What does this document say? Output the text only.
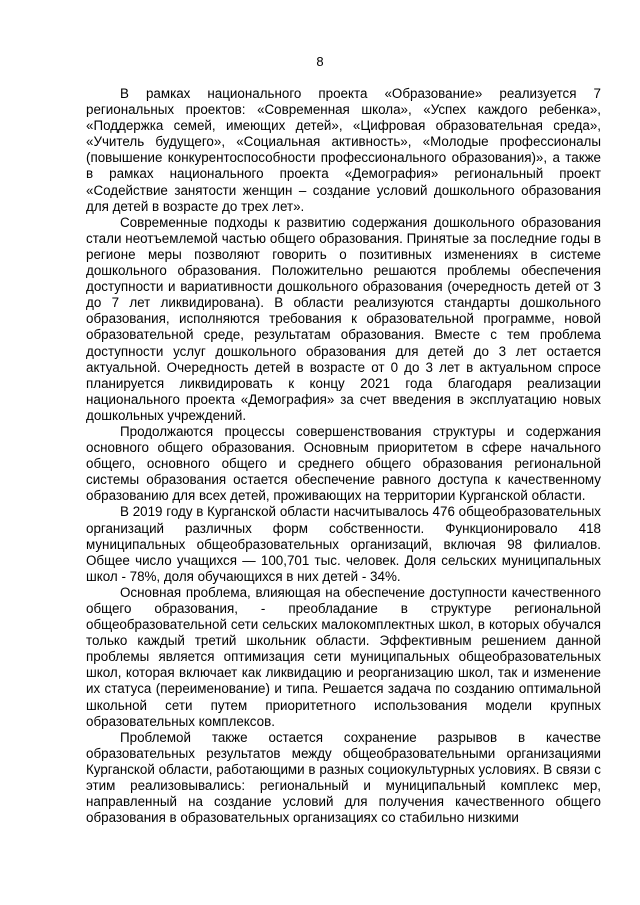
8

В рамках национального проекта «Образование» реализуется 7 региональных проектов: «Современная школа», «Успех каждого ребенка», «Поддержка семей, имеющих детей», «Цифровая образовательная среда», «Учитель будущего», «Социальная активность», «Молодые профессионалы (повышение конкурентоспособности профессионального образования)», а также в рамках национального проекта «Демография» региональный проект «Содействие занятости женщин – создание условий дошкольного образования для детей в возрасте до трех лет».

Современные подходы к развитию содержания дошкольного образования стали неотъемлемой частью общего образования. Принятые за последние годы в регионе меры позволяют говорить о позитивных изменениях в системе дошкольного образования. Положительно решаются проблемы обеспечения доступности и вариативности дошкольного образования (очередность детей от 3 до 7 лет ликвидирована). В области реализуются стандарты дошкольного образования, исполняются требования к образовательной программе, новой образовательной среде, результатам образования. Вместе с тем проблема доступности услуг дошкольного образования для детей до 3 лет остается актуальной. Очередность детей в возрасте от 0 до 3 лет в актуальном спросе планируется ликвидировать к концу 2021 года благодаря реализации национального проекта «Демография» за счет введения в эксплуатацию новых дошкольных учреждений.

Продолжаются процессы совершенствования структуры и содержания основного общего образования. Основным приоритетом в сфере начального общего, основного общего и среднего общего образования региональной системы образования остается обеспечение равного доступа к качественному образованию для всех детей, проживающих на территории Курганской области.

В 2019 году в Курганской области насчитывалось 476 общеобразовательных организаций различных форм собственности. Функционировало 418 муниципальных общеобразовательных организаций, включая 98 филиалов. Общее число учащихся — 100,701 тыс. человек. Доля сельских муниципальных школ - 78%, доля обучающихся в них детей - 34%.

Основная проблема, влияющая на обеспечение доступности качественного общего образования, - преобладание в структуре региональной общеобразовательной сети сельских малокомплектных школ, в которых обучался только каждый третий школьник области. Эффективным решением данной проблемы является оптимизация сети муниципальных общеобразовательных школ, которая включает как ликвидацию и реорганизацию школ, так и изменение их статуса (переименование) и типа. Решается задача по созданию оптимальной школьной сети путем приоритетного использования модели крупных образовательных комплексов.

Проблемой также остается сохранение разрывов в качестве образовательных результатов между общеобразовательными организациями Курганской области, работающими в разных социокультурных условиях. В связи с этим реализовывались: региональный и муниципальный комплекс мер, направленный на создание условий для получения качественного общего образования в образовательных организациях со стабильно низкими
